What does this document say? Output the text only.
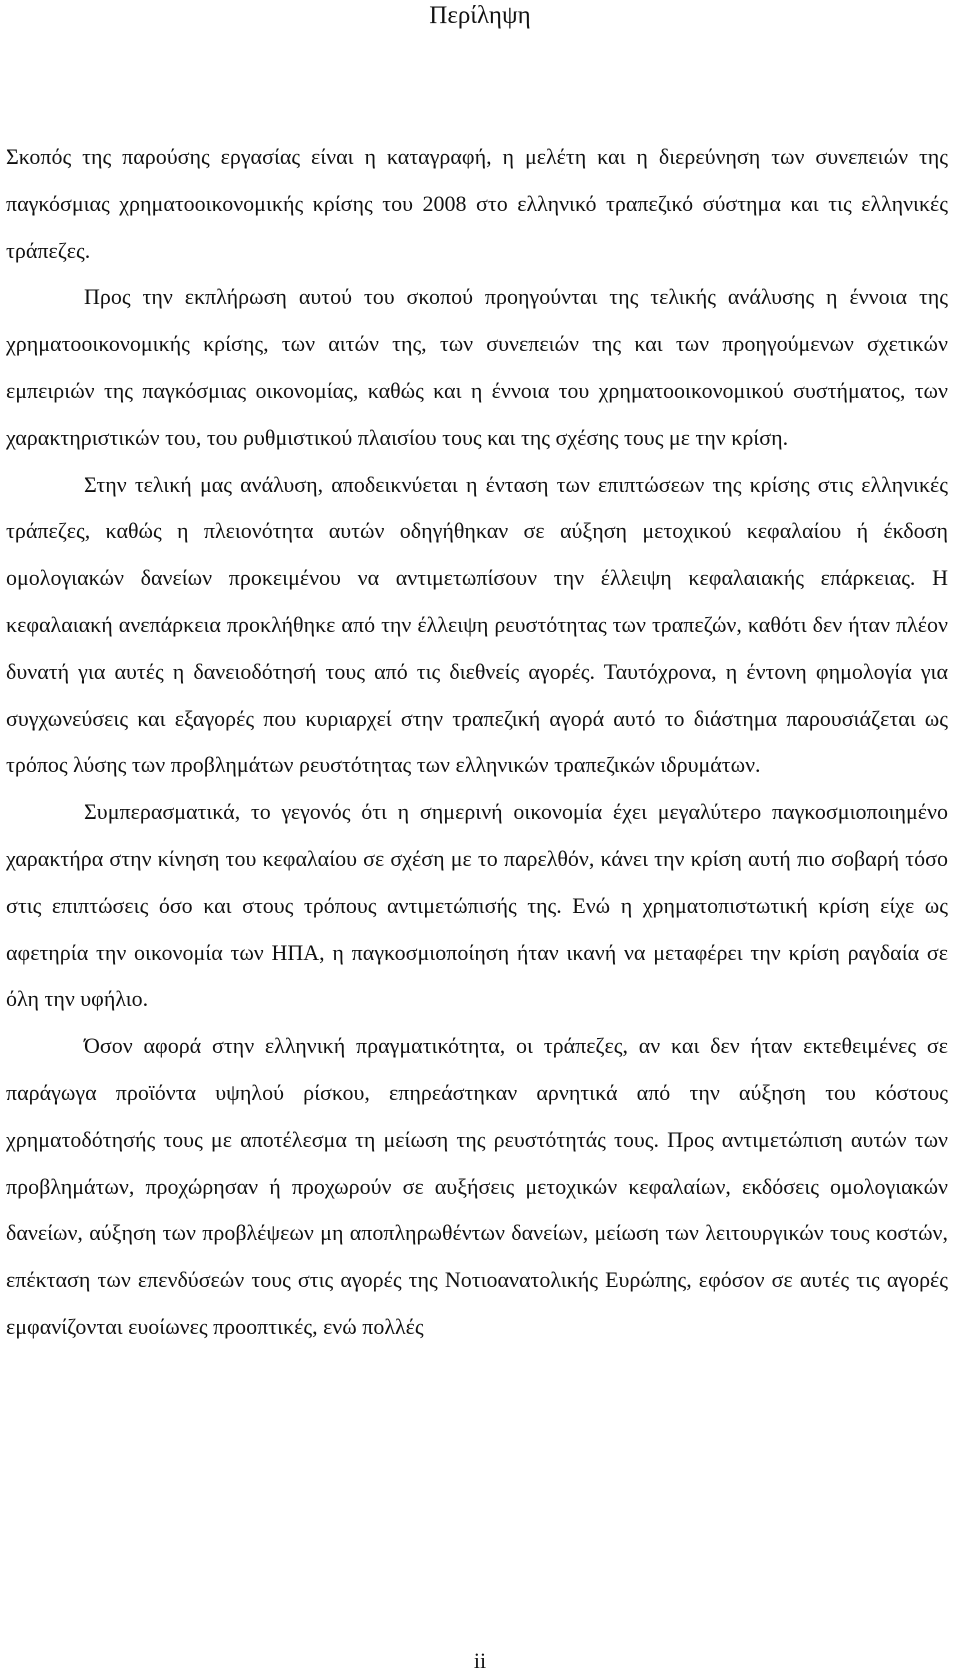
Περίληψη

Σκοπός της παρούσης εργασίας είναι η καταγραφή, η μελέτη και η διερεύνηση των συνεπειών της παγκόσμιας χρηματοοικονομικής κρίσης του 2008 στο ελληνικό τραπεζικό σύστημα και τις ελληνικές τράπεζες.

Προς την εκπλήρωση αυτού του σκοπού προηγούνται της τελικής ανάλυσης η έννοια της χρηματοοικονομικής κρίσης, των αιτών της, των συνεπειών της και των προηγούμενων σχετικών εμπειριών της παγκόσμιας οικονομίας, καθώς και η έννοια του χρηματοοικονομικού συστήματος, των χαρακτηριστικών του, του ρυθμιστικού πλαισίου τους και της σχέσης τους με την κρίση.

Στην τελική μας ανάλυση, αποδεικνύεται η ένταση των επιπτώσεων της κρίσης στις ελληνικές τράπεζες, καθώς η πλειονότητα αυτών οδηγήθηκαν σε αύξηση μετοχικού κεφαλαίου ή έκδοση ομολογιακών δανείων προκειμένου να αντιμετωπίσουν την έλλειψη κεφαλαιακής επάρκειας. Η κεφαλαιακή ανεπάρκεια προκλήθηκε από την έλλειψη ρευστότητας των τραπεζών, καθότι δεν ήταν πλέον δυνατή για αυτές η δανειοδότησή τους από τις διεθνείς αγορές. Ταυτόχρονα, η έντονη φημολογία για συγχωνεύσεις και εξαγορές που κυριαρχεί στην τραπεζική αγορά αυτό το διάστημα παρουσιάζεται ως τρόπος λύσης των προβλημάτων ρευστότητας των ελληνικών τραπεζικών ιδρυμάτων.

Συμπερασματικά, το γεγονός ότι η σημερινή οικονομία έχει μεγαλύτερο παγκοσμιοποιημένο χαρακτήρα στην κίνηση του κεφαλαίου σε σχέση με το παρελθόν, κάνει την κρίση αυτή πιο σοβαρή τόσο στις επιπτώσεις όσο και στους τρόπους αντιμετώπισής της. Ενώ η χρηματοπιστωτική κρίση είχε ως αφετηρία την οικονομία των ΗΠΑ, η παγκοσμιοποίηση ήταν ικανή να μεταφέρει την κρίση ραγδαία σε όλη την υφήλιο.

Όσον αφορά στην ελληνική πραγματικότητα, οι τράπεζες, αν και δεν ήταν εκτεθειμένες σε παράγωγα προϊόντα υψηλού ρίσκου, επηρεάστηκαν αρνητικά από την αύξηση του κόστους χρηματοδότησής τους με αποτέλεσμα τη μείωση της ρευστότητάς τους. Προς αντιμετώπιση αυτών των προβλημάτων, προχώρησαν ή προχωρούν σε αυξήσεις μετοχικών κεφαλαίων, εκδόσεις ομολογιακών δανείων, αύξηση των προβλέψεων μη αποπληρωθέντων δανείων, μείωση των λειτουργικών τους κοστών, επέκταση των επενδύσεών τους στις αγορές της Νοτιοανατολικής Ευρώπης, εφόσον σε αυτές τις αγορές εμφανίζονται ευοίωνες προοπτικές, ενώ πολλές

ii
